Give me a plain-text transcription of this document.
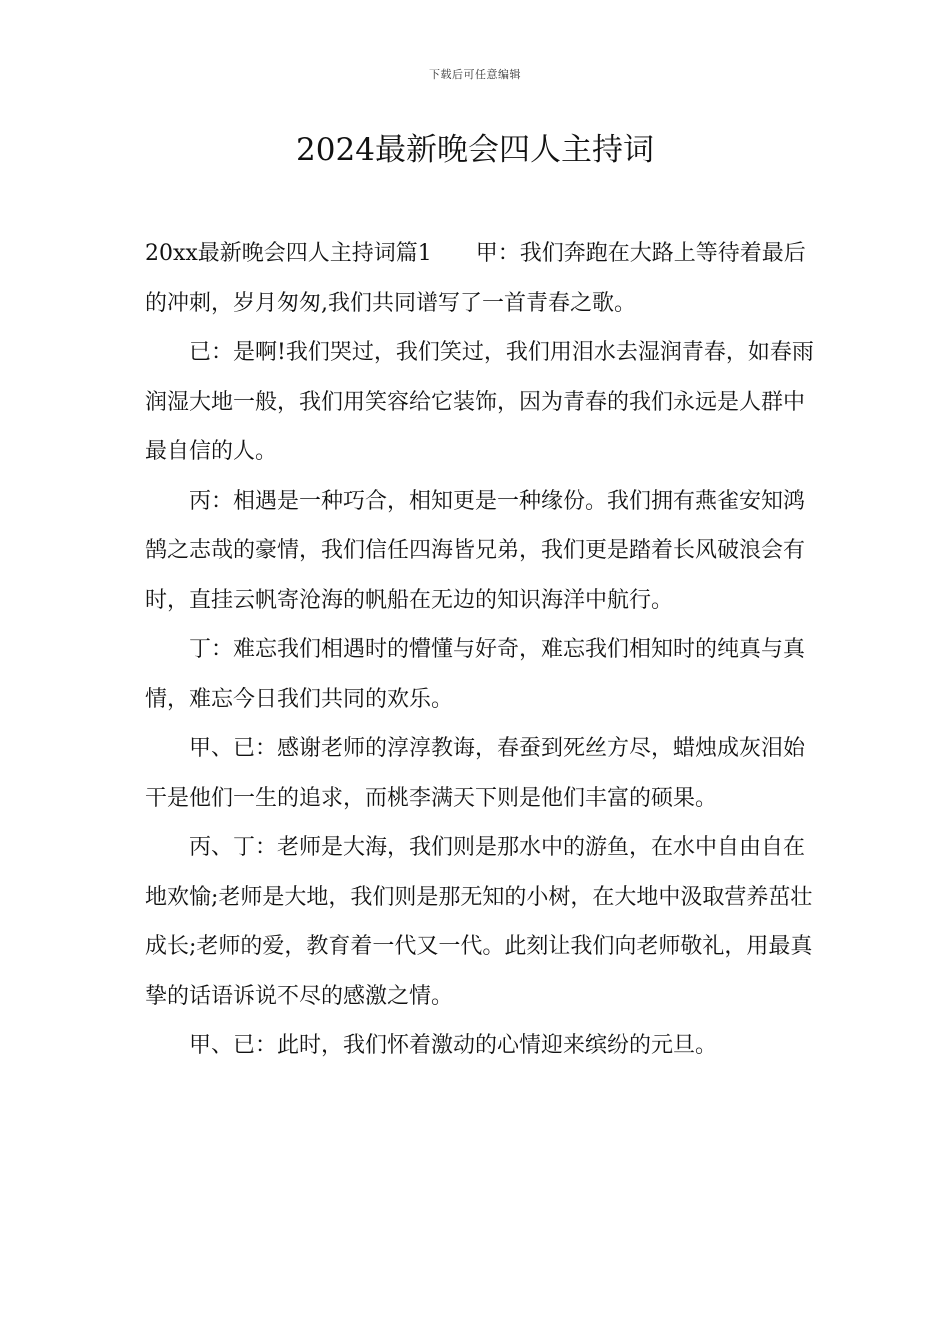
下载后可任意编辑
2024最新晚会四人主持词

20xx最新晚会四人主持词篇1　　甲：我们奔跑在大路上等待着最后的冲刺，岁月匆匆,我们共同谱写了一首青春之歌。

已：是啊!我们哭过，我们笑过，我们用泪水去湿润青春，如春雨润湿大地一般，我们用笑容给它装饰，因为青春的我们永远是人群中最自信的人。

丙：相遇是一种巧合，相知更是一种缘份。我们拥有燕雀安知鸿鹄之志哉的豪情，我们信任四海皆兄弟，我们更是踏着长风破浪会有时，直挂云帆寄沧海的帆船在无边的知识海洋中航行。

丁：难忘我们相遇时的懵懂与好奇，难忘我们相知时的纯真与真情，难忘今日我们共同的欢乐。

甲、已：感谢老师的淳淳教诲，春蚕到死丝方尽，蜡烛成灰泪始干是他们一生的追求，而桃李满天下则是他们丰富的硕果。

丙、丁：老师是大海，我们则是那水中的游鱼，在水中自由自在地欢愉;老师是大地，我们则是那无知的小树，在大地中汲取营养茁壮成长;老师的爱，教育着一代又一代。此刻让我们向老师敬礼，用最真挚的话语诉说不尽的感激之情。

甲、已：此时，我们怀着激动的心情迎来缤纷的元旦。
